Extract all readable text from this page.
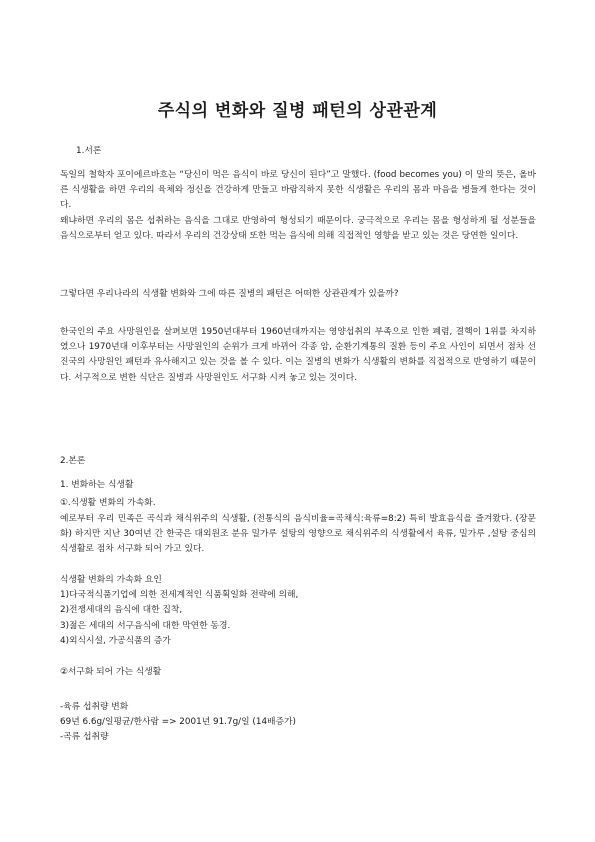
주식의 변화와 질병 패턴의 상관관계

1.서론

독일의 철학자 포이에르바흐는 “당신이 먹은 음식이 바로 당신이 된다”고 말했다. (food becomes you) 이 말의 뜻은, 올바른 식생활을 하면 우리의 육체와 정신을 건강하게 만들고 바람직하지 못한 식생활은 우리의 몸과 마음을 병들게 한다는 것이다.

왜냐하면 우리의 몸은 섭취하는 음식을 그대로 반영하여 형성되기 때문이다. 궁극적으로 우리는 몸을 형성하게 될 성분들을 음식으로부터 얻고 있다. 따라서 우리의 건강상태 또한 먹는 음식에 의해 직접적인 영향을 받고 있는 것은 당연한 일이다.

그렇다면 우리나라의 식생활 변화와 그에 따른 질병의 패턴은 어떠한 상관관계가 있을까?

한국인의 주요 사망원인을 살펴보면 1950년대부터 1960년대까지는 영양섭취의 부족으로 인한 폐렴, 결핵이 1위를 차지하였으나 1970년대 이후부터는 사망원인의 순위가 크게 바뀌어 각종 암, 순환기계통의 질환 등이 주요 사인이 되면서 점차 선진국의 사망원인 패턴과 유사해지고 있는 것을 볼 수 있다. 이는 질병의 변화가 식생활의 변화를 직접적으로 반영하기 때문이다. 서구적으로 변한 식단은 질병과 사망원인도 서구화 시켜 놓고 있는 것이다.

2.본론

1. 변화하는 식생활

①.식생활 변화의 가속화.

예로부터 우리 민족은 곡식과 채식위주의 식생활, (전통식의 음식비율=곡채식:육류=8:2) 특히 발효음식을 즐겨왔다. (장문화) 하지만 지난 30여년 간 한국은 대외원조 분유 밀가루 설탕의 영향으로 채식위주의 식생활에서 육류, 밀가루 ,설탕 중심의 식생활로 점차 서구화 되어 가고 있다.

식생활 변화의 가속화 요인

1)다국적식품기업에 의한 전세계적인 식품획일화 전략에 의해,

2)전쟁세대의 음식에 대한 집착,

3)젊은 세대의 서구음식에 대한 막연한 동경.

4)외식시설, 가공식품의 증가

②서구화 되어 가는 식생활

-육류 섭취량 변화

69년 6.6g/일평균/한사람 => 2001년 91.7g/일 (14배증가)

-곡류 섭취량
